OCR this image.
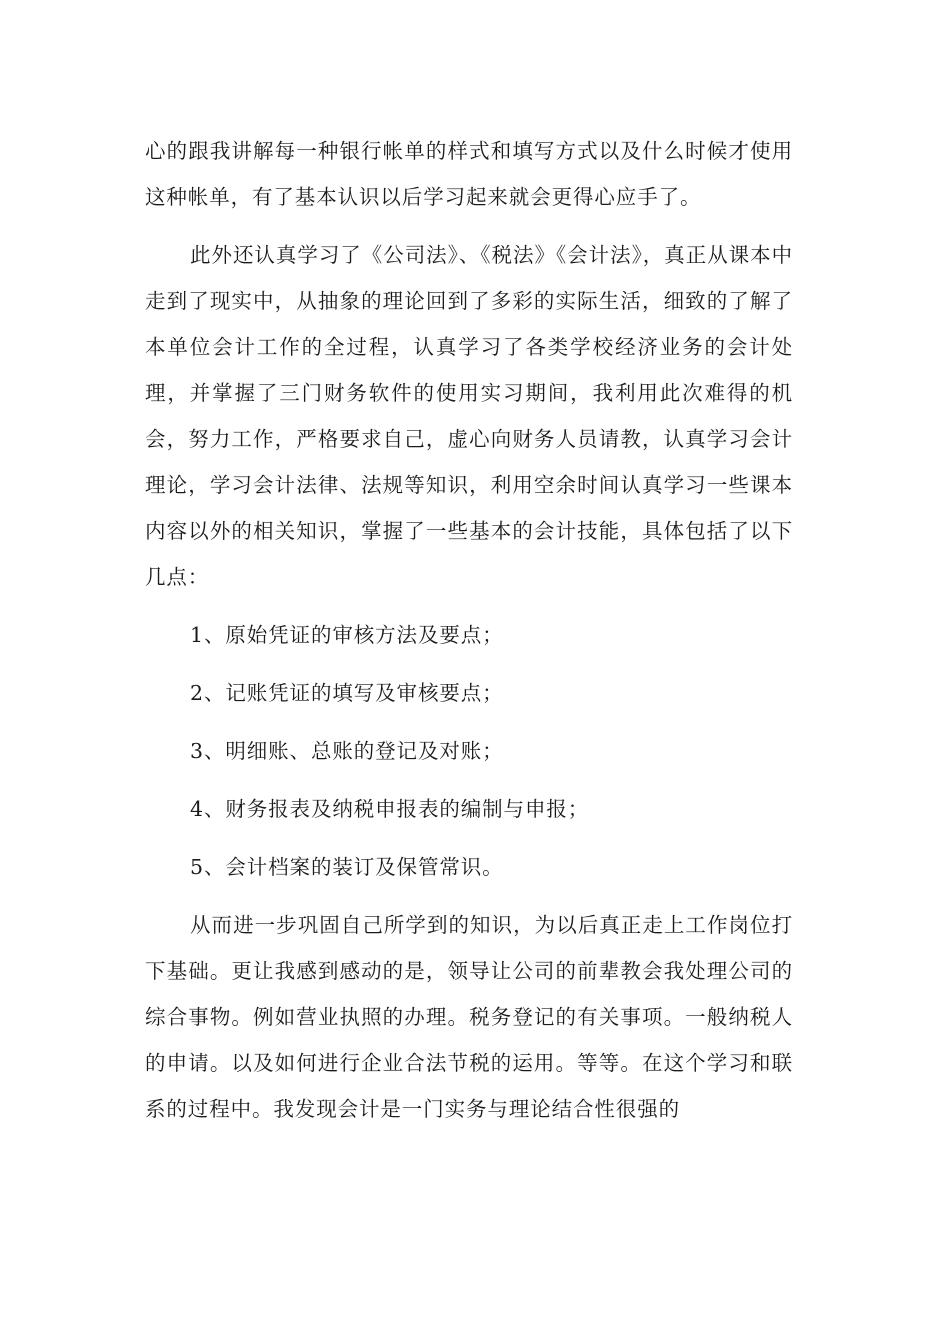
心的跟我讲解每一种银行帐单的样式和填写方式以及什么时候才使用这种帐单，有了基本认识以后学习起来就会更得心应手了。

此外还认真学习了《公司法》、《税法》《会计法》，真正从课本中走到了现实中，从抽象的理论回到了多彩的实际生活，细致的了解了本单位会计工作的全过程，认真学习了各类学校经济业务的会计处理，并掌握了三门财务软件的使用实习期间，我利用此次难得的机会，努力工作，严格要求自己，虚心向财务人员请教，认真学习会计理论，学习会计法律、法规等知识，利用空余时间认真学习一些课本内容以外的相关知识，掌握了一些基本的会计技能，具体包括了以下几点：

1、原始凭证的审核方法及要点；
2、记账凭证的填写及审核要点；
3、明细账、总账的登记及对账；
4、财务报表及纳税申报表的编制与申报；
5、会计档案的装订及保管常识。

从而进一步巩固自己所学到的知识，为以后真正走上工作岗位打下基础。更让我感到感动的是，领导让公司的前辈教会我处理公司的综合事物。例如营业执照的办理。税务登记的有关事项。一般纳税人的申请。以及如何进行企业合法节税的运用。等等。在这个学习和联系的过程中。我发现会计是一门实务与理论结合性很强的
